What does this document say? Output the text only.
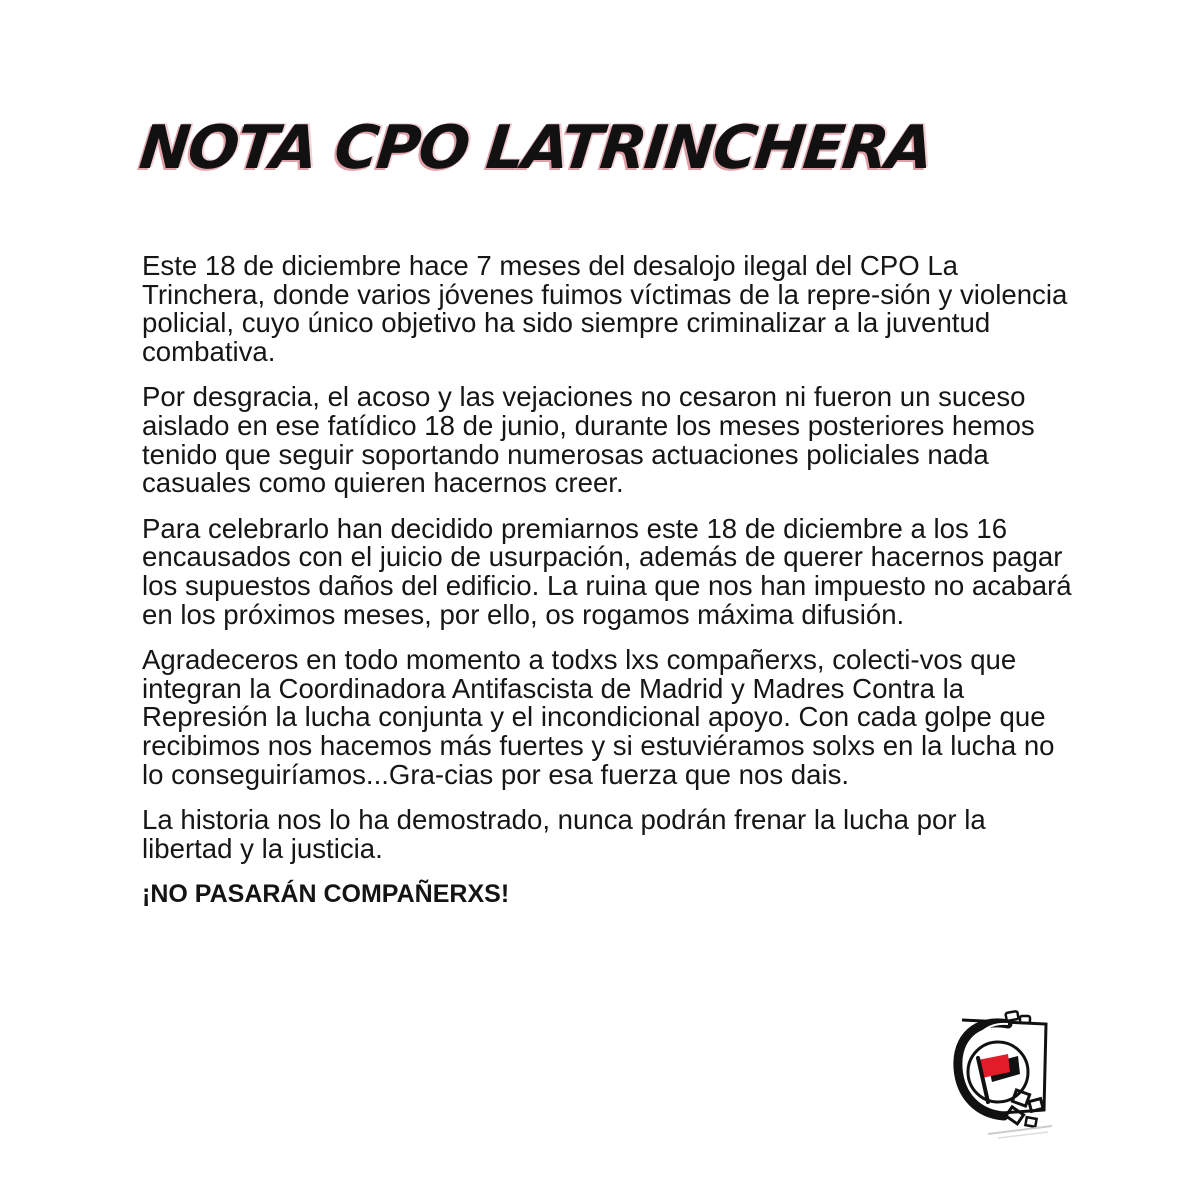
NOTA CPO LATRINCHERA

Este 18 de diciembre hace 7 meses del desalojo ilegal del CPO La Trinchera, donde varios jóvenes fuimos víctimas de la repre-sión y violencia policial, cuyo único objetivo ha sido siempre criminalizar a la juventud combativa.

Por desgracia, el acoso y las vejaciones no cesaron ni fueron un suceso aislado en ese fatídico 18 de junio, durante los meses posteriores hemos tenido que seguir soportando numerosas actuaciones policiales nada casuales como quieren hacernos creer.

Para celebrarlo han decidido premiarnos este 18 de diciembre a los 16 encausados con el juicio de usurpación, además de querer hacernos pagar los supuestos daños del edificio. La ruina que nos han impuesto no acabará en los próximos meses, por ello, os rogamos máxima difusión.

Agradeceros en todo momento a todxs lxs compañerxs, colecti-vos que integran la Coordinadora Antifascista de Madrid y Madres Contra la Represión la lucha conjunta y el incondicional apoyo. Con cada golpe que recibimos nos hacemos más fuertes y si estuviéramos solxs en la lucha no lo conseguiríamos...Gra-cias por esa fuerza que nos dais.

La historia nos lo ha demostrado, nunca podrán frenar la lucha por la libertad y la justicia.

¡NO PASARÁN COMPAÑERXS!
